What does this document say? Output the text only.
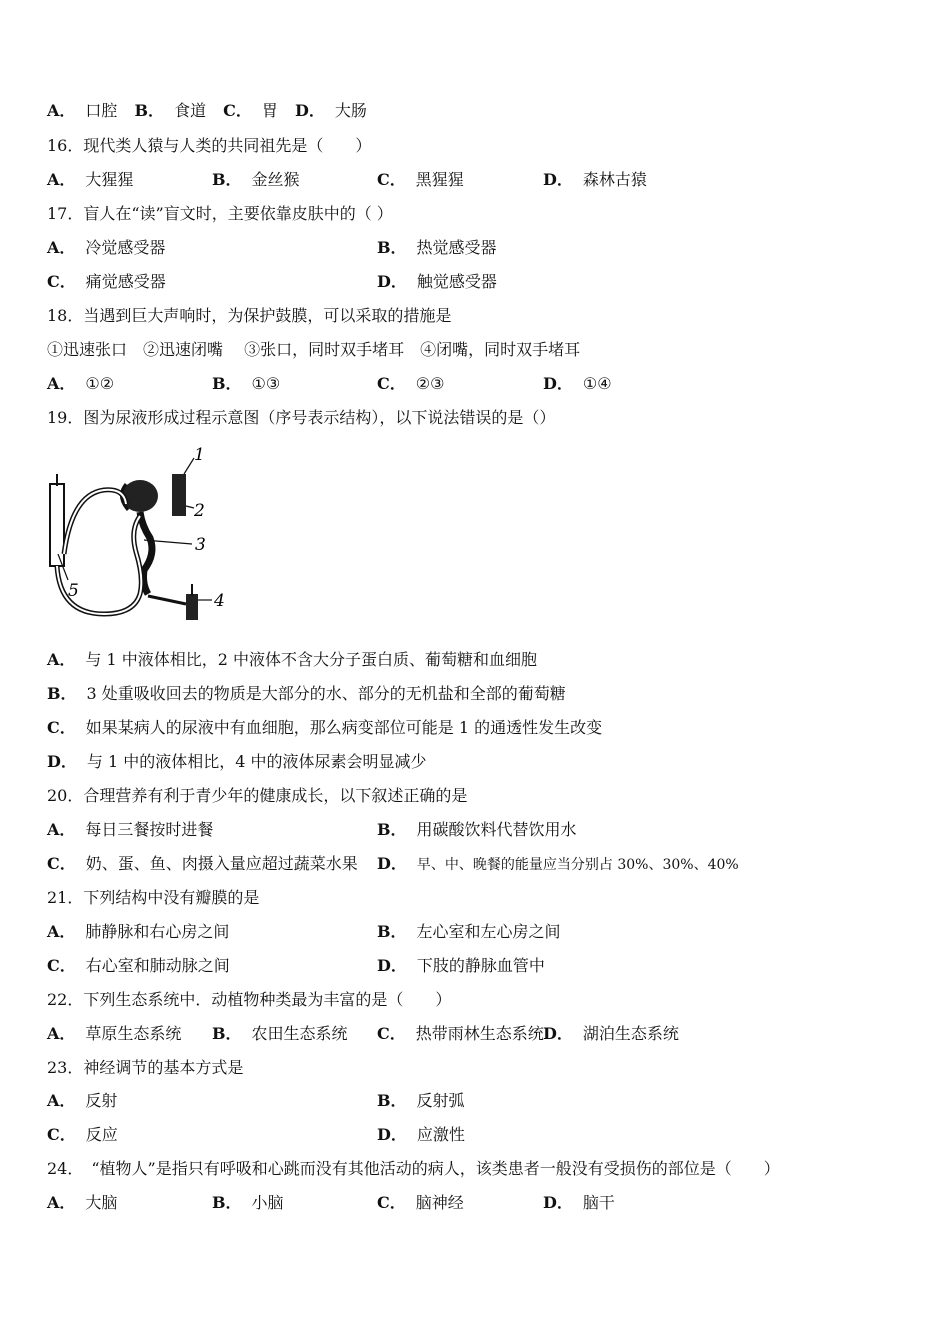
A． 口腔 B． 食道 C． 胃 D． 大肠
16．现代类人猿与人类的共同祖先是（　　）
A． 大猩猩	B． 金丝猴	C． 黑猩猩	D． 森林古猿
17．盲人在“读”盲文时，主要依靠皮肤中的（ ）
A． 冷觉感受器	B． 热觉感受器
C． 痛觉感受器	D． 触觉感受器
18．当遇到巨大声响时，为保护鼓膜，可以采取的措施是
①迅速张口　②迅速闭嘴　 ③张口，同时双手堵耳　④闭嘴，同时双手堵耳
A． ①②	B． ①③	C． ②③	D． ①④
19．图为尿液形成过程示意图（序号表示结构），以下说法错误的是（）
1
2
3
4
5
A． 与 1 中液体相比，2 中液体不含大分子蛋白质、葡萄糖和血细胞
B． 3 处重吸收回去的物质是大部分的水、部分的无机盐和全部的葡萄糖
C． 如果某病人的尿液中有血细胞，那么病变部位可能是 1 的通透性发生改变
D． 与 1 中的液体相比，4 中的液体尿素会明显减少
20．合理营养有利于青少年的健康成长，以下叙述正确的是
A． 每日三餐按时进餐	B． 用碳酸饮料代替饮用水
C． 奶、蛋、鱼、肉摄入量应超过蔬菜水果 D． 早、中、晚餐的能量应当分别占 30%、30%、40%
21．下列结构中没有瓣膜的是
A． 肺静脉和右心房之间	B． 左心室和左心房之间
C． 右心室和肺动脉之间	D． 下肢的静脉血管中
22．下列生态系统中．动植物种类最为丰富的是（　　）
A． 草原生态系统 B． 农田生态系统 C． 热带雨林生态系统 D． 湖泊生态系统
23．神经调节的基本方式是
A． 反射	B． 反射弧
C． 反应	D． 应激性
24．　“植物人”是指只有呼吸和心跳而没有其他活动的病人，该类患者一般没有受损伤的部位是（　　）
A． 大脑	B． 小脑	C． 脑神经	D． 脑干
